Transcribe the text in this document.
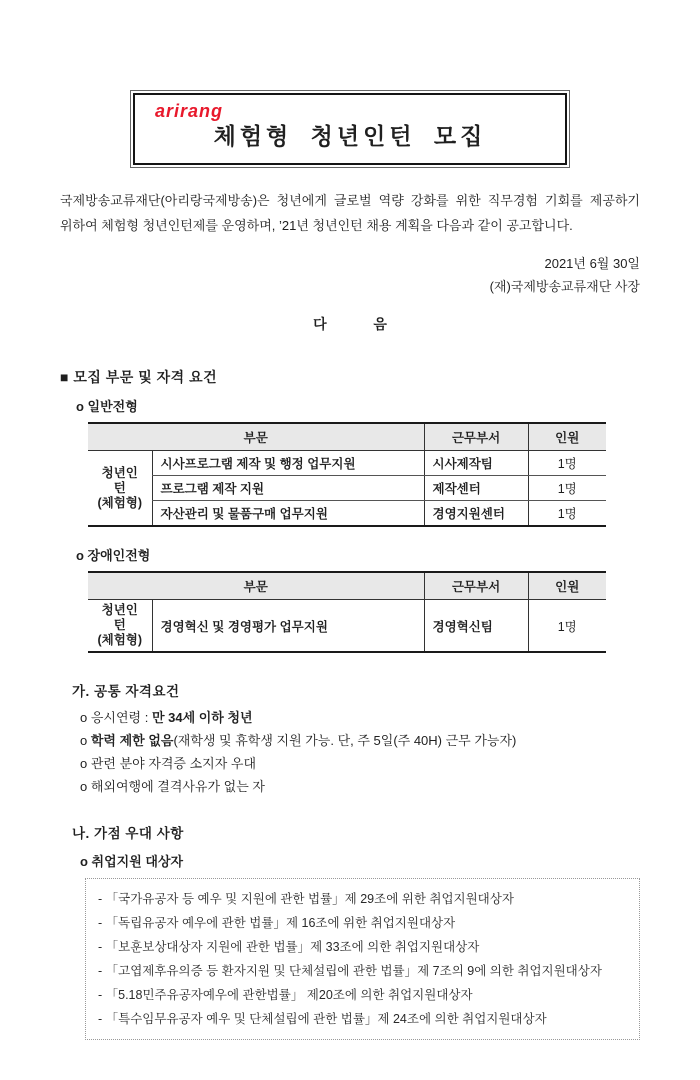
arirang
체험형 청년인턴 모집

국제방송교류재단(아리랑국제방송)은 청년에게 글로벌 역량 강화를 위한 직무경험 기회를 제공하기 위하여 체험형 청년인턴제를 운영하며, ’21년 청년인턴 채용 계획을 다음과 같이 공고합니다.

2021년 6월 30일
(재)국제방송교류재단 사장
다            음
■ 모집 부문 및 자격 요건
o 일반전형
부문		근무부서	인원

청년인턴
(체험형)	시사프로그램 제작 및 행정 업무지원	시사제작팀	1명
	프로그램 제작 지원	제작센터	1명
	자산관리 및 물품구매 업무지원	경영지원센터	1명
o 장애인전형
부문		근무부서	인원

청년인턴
(체험형)	경영혁신 및 경영평가 업무지원	경영혁신팀	1명
가. 공통 자격요건
o 응시연령 : 만 34세 이하 청년
o 학력 제한 없음(재학생 및 휴학생 지원 가능. 단, 주 5일(주 40H) 근무 가능자)
o 관련 분야 자격증 소지자 우대
o 해외여행에 결격사유가 없는 자
나. 가점 우대 사항
o 취업지원 대상자
- 「국가유공자 등 예우 및 지원에 관한 법률」제 29조에 위한 취업지원대상자
- 「독립유공자 예우에 관한 법률」제 16조에 위한 취업지원대상자
- 「보훈보상대상자 지원에 관한 법률」제 33조에 의한 취업지원대상자
- 「고엽제후유의증 등 환자지원 및 단체설립에 관한 법률」제 7조의 9에 의한 취업지원대상자
- 「5.18민주유공자예우에 관한법률」 제20조에 의한 취업지원대상자
- 「특수임무유공자 예우 및 단체설립에 관한 법률」제 24조에 의한 취업지원대상자
